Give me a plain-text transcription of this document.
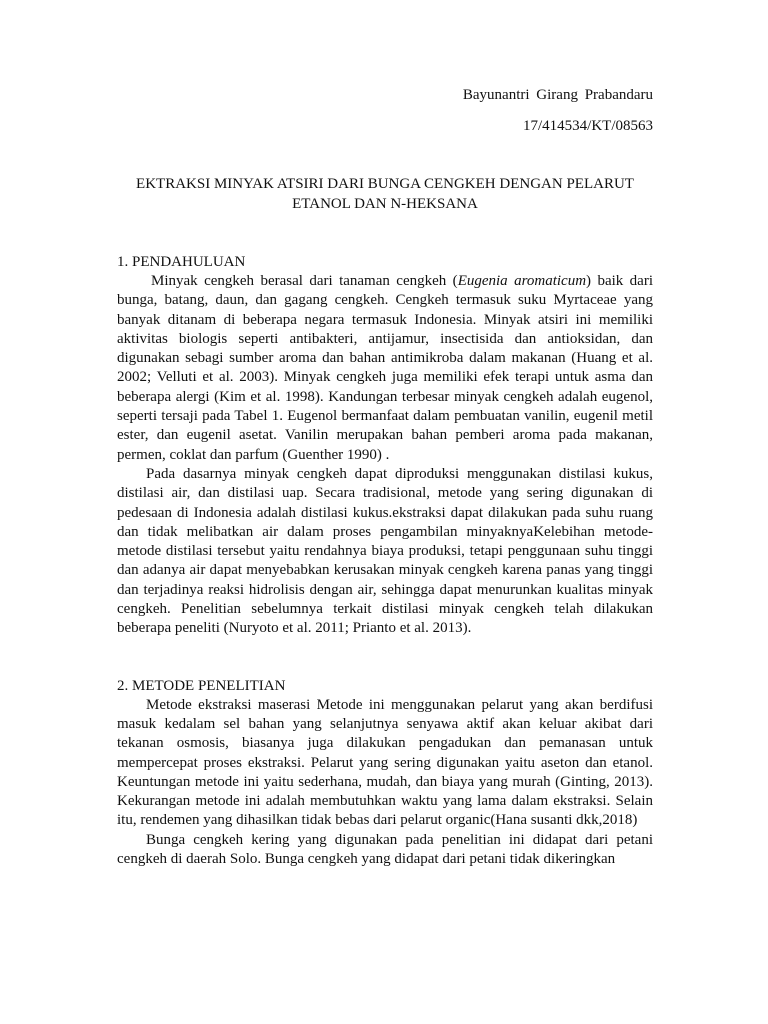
Bayunantri Girang Prabandaru

17/414534/KT/08563

EKTRAKSI MINYAK ATSIRI DARI BUNGA CENGKEH DENGAN PELARUT
ETANOL DAN N-HEKSANA
1. PENDAHULUAN

Minyak cengkeh berasal dari tanaman cengkeh (Eugenia aromaticum) baik dari bunga, batang, daun, dan gagang cengkeh. Cengkeh termasuk suku Myrtaceae yang banyak ditanam di beberapa negara termasuk Indonesia. Minyak atsiri ini memiliki aktivitas biologis seperti antibakteri, antijamur, insectisida dan antioksidan, dan digunakan sebagi sumber aroma dan bahan antimikroba dalam makanan (Huang et al. 2002; Velluti et al. 2003). Minyak cengkeh juga memiliki efek terapi untuk asma dan beberapa alergi (Kim et al. 1998). Kandungan terbesar minyak cengkeh adalah eugenol, seperti tersaji pada Tabel 1. Eugenol bermanfaat dalam pembuatan vanilin, eugenil metil ester, dan eugenil asetat. Vanilin merupakan bahan pemberi aroma pada makanan, permen, coklat dan parfum (Guenther 1990) .

Pada dasarnya minyak cengkeh dapat diproduksi menggunakan distilasi kukus, distilasi air, dan distilasi uap. Secara tradisional, metode yang sering digunakan di pedesaan di Indonesia adalah distilasi kukus.ekstraksi dapat dilakukan pada suhu ruang dan tidak melibatkan air dalam proses pengambilan minyaknyaKelebihan metode-metode distilasi tersebut yaitu rendahnya biaya produksi, tetapi penggunaan suhu tinggi dan adanya air dapat menyebabkan kerusakan minyak cengkeh karena panas yang tinggi dan terjadinya reaksi hidrolisis dengan air, sehingga dapat menurunkan kualitas minyak cengkeh. Penelitian sebelumnya terkait distilasi minyak cengkeh telah dilakukan beberapa peneliti (Nuryoto et al. 2011; Prianto et al. 2013).

2. METODE PENELITIAN

Metode ekstraksi maserasi Metode ini menggunakan pelarut yang akan berdifusi masuk kedalam sel bahan yang selanjutnya senyawa aktif akan keluar akibat dari tekanan osmosis, biasanya juga dilakukan pengadukan dan pemanasan untuk mempercepat proses ekstraksi. Pelarut yang sering digunakan yaitu aseton dan etanol. Keuntungan metode ini yaitu sederhana, mudah, dan biaya yang murah (Ginting, 2013). Kekurangan metode ini adalah membutuhkan waktu yang lama dalam ekstraksi. Selain itu, rendemen yang dihasilkan tidak bebas dari pelarut organic(Hana susanti dkk,2018)

Bunga cengkeh kering yang digunakan pada penelitian ini didapat dari petani cengkeh di daerah Solo. Bunga cengkeh yang didapat dari petani tidak dikeringkan
